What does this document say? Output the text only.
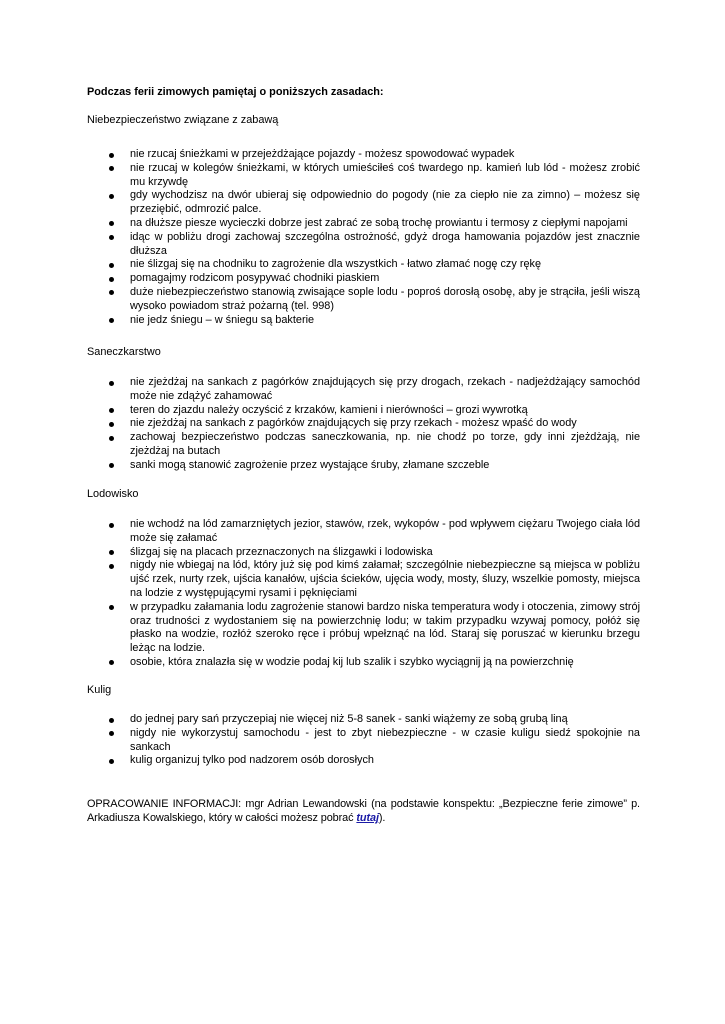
Podczas ferii zimowych pamiętaj o poniższych zasadach:
Niebezpieczeństwo związane z zabawą
nie rzucaj śnieżkami w przejeżdżające pojazdy - możesz spowodować wypadek
nie rzucaj w kolegów śnieżkami, w których umieściłeś coś twardego np. kamień lub lód - możesz zrobić mu krzywdę
gdy wychodzisz na dwór ubieraj się odpowiednio do pogody (nie za ciepło nie za zimno) – możesz się przeziębić, odmrozić palce.
na dłuższe piesze wycieczki dobrze jest zabrać ze sobą trochę prowiantu i termosy z ciepłymi napojami
idąc w pobliżu drogi zachowaj szczególna ostrożność, gdyż droga hamowania pojazdów jest znacznie dłuższa
nie ślizgaj się na chodniku to zagrożenie dla wszystkich - łatwo złamać nogę czy rękę
pomagajmy rodzicom posypywać chodniki piaskiem
duże niebezpieczeństwo stanowią zwisające sople lodu - poproś dorosłą osobę, aby je strąciła, jeśli wiszą wysoko powiadom straż pożarną (tel. 998)
nie jedz śniegu – w śniegu są bakterie
Saneczkarstwo
nie zjeżdżaj na sankach z pagórków znajdujących się przy drogach, rzekach - nadjeżdżający samochód może nie zdążyć zahamować
teren do zjazdu należy oczyścić z krzaków, kamieni i nierówności – grozi wywrotką
nie zjeżdżaj na sankach z pagórków znajdujących się przy rzekach - możesz wpaść do wody
zachowaj bezpieczeństwo podczas saneczkowania, np. nie chodź po torze, gdy inni zjeżdżają, nie zjeżdżaj na butach
sanki mogą stanowić zagrożenie przez wystające śruby, złamane szczeble
Lodowisko
nie wchodź na lód zamarzniętych jezior, stawów, rzek, wykopów - pod wpływem ciężaru Twojego ciała lód może się załamać
ślizgaj się na placach przeznaczonych na ślizgawki i lodowiska
nigdy nie wbiegaj na lód, który już się pod kimś załamał; szczególnie niebezpieczne są miejsca w pobliżu ujść rzek, nurty rzek, ujścia kanałów, ujścia ścieków, ujęcia wody, mosty, śluzy, wszelkie pomosty, miejsca na lodzie z występującymi rysami i pęknięciami
w przypadku załamania lodu zagrożenie stanowi bardzo niska temperatura wody i otoczenia, zimowy strój oraz trudności z wydostaniem się na powierzchnię lodu; w takim przypadku wzywaj pomocy, połóż się płasko na wodzie, rozłóż szeroko ręce i próbuj wpełznąć na lód. Staraj się poruszać w kierunku brzegu leżąc na lodzie.
osobie, która znalazła się w wodzie podaj kij lub szalik i szybko wyciągnij ją na powierzchnię
Kulig
do jednej pary sań przyczepiaj nie więcej niż 5-8 sanek - sanki wiążemy ze sobą grubą liną
nigdy nie wykorzystuj samochodu - jest to zbyt niebezpieczne - w czasie kuligu siedź spokojnie na sankach
kulig organizuj tylko pod nadzorem osób dorosłych
OPRACOWANIE INFORMACJI: mgr Adrian Lewandowski (na podstawie konspektu: „Bezpieczne ferie zimowe” p. Arkadiusza Kowalskiego, który w całości możesz pobrać tutaj).
